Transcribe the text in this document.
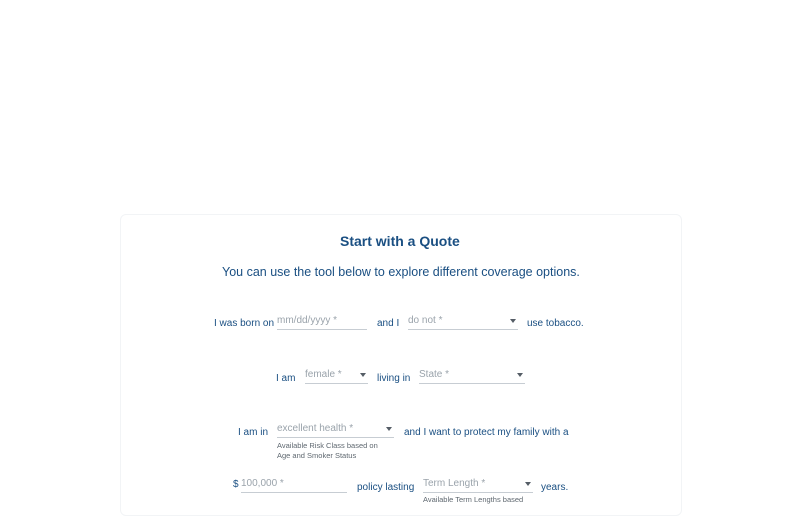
Start with a Quote
You can use the tool below to explore different coverage options.
I was born on mm/dd/yyyy *	and I do not *	use tobacco.
I am female *	living in State *
I am in excellent health *
Available Risk Class based on Age and Smoker Status
and I want to protect my family with a
$ 100,000 *	policy lasting Term Length *
Available Term Lengths based
years.
